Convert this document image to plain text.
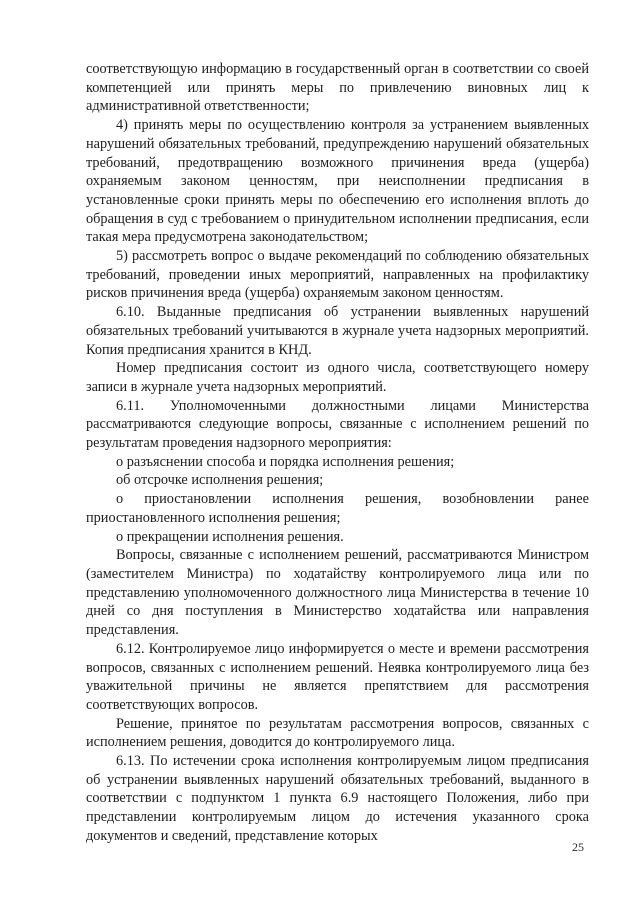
соответствующую информацию в государственный орган в соответствии со своей компетенцией или принять меры по привлечению виновных лиц к административной ответственности;

4) принять меры по осуществлению контроля за устранением выявленных нарушений обязательных требований, предупреждению нарушений обязательных требований, предотвращению возможного причинения вреда (ущерба) охраняемым законом ценностям, при неисполнении предписания в установленные сроки принять меры по обеспечению его исполнения вплоть до обращения в суд с требованием о принудительном исполнении предписания, если такая мера предусмотрена законодательством;

5) рассмотреть вопрос о выдаче рекомендаций по соблюдению обязательных требований, проведении иных мероприятий, направленных на профилактику рисков причинения вреда (ущерба) охраняемым законом ценностям.

6.10. Выданные предписания об устранении выявленных нарушений обязательных требований учитываются в журнале учета надзорных мероприятий. Копия предписания хранится в КНД.

Номер предписания состоит из одного числа, соответствующего номеру записи в журнале учета надзорных мероприятий.

6.11. Уполномоченными должностными лицами Министерства рассматриваются следующие вопросы, связанные с исполнением решений по результатам проведения надзорного мероприятия:

о разъяснении способа и порядка исполнения решения;

об отсрочке исполнения решения;

о приостановлении исполнения решения, возобновлении ранее приостановленного исполнения решения;

о прекращении исполнения решения.

Вопросы, связанные с исполнением решений, рассматриваются Министром (заместителем Министра) по ходатайству контролируемого лица или по представлению уполномоченного должностного лица Министерства в течение 10 дней со дня поступления в Министерство ходатайства или направления представления.

6.12. Контролируемое лицо информируется о месте и времени рассмотрения вопросов, связанных с исполнением решений. Неявка контролируемого лица без уважительной причины не является препятствием для рассмотрения соответствующих вопросов.

Решение, принятое по результатам рассмотрения вопросов, связанных с исполнением решения, доводится до контролируемого лица.

6.13. По истечении срока исполнения контролируемым лицом предписания об устранении выявленных нарушений обязательных требований, выданного в соответствии с подпунктом 1 пункта 6.9 настоящего Положения, либо при представлении контролируемым лицом до истечения указанного срока документов и сведений, представление которых

25
